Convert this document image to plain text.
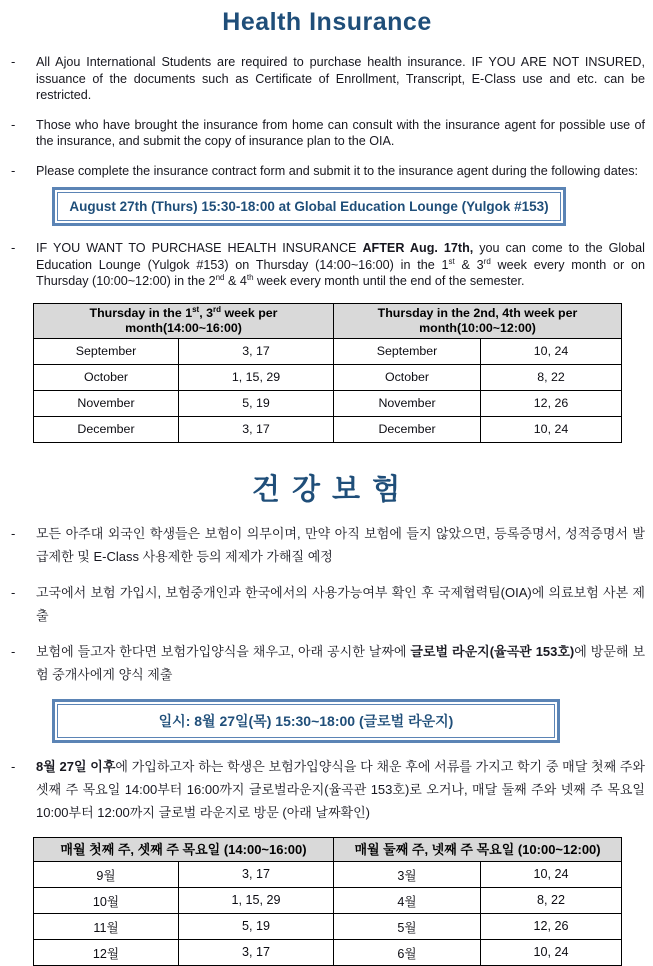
Health Insurance
-	All Ajou International Students are required to purchase health insurance. IF YOU ARE NOT INSURED, issuance of the documents such as Certificate of Enrollment, Transcript, E-Class use and etc. can be restricted.

-	Those who have brought the insurance from home can consult with the insurance agent for possible use of the insurance, and submit the copy of insurance plan to the OIA.

-	Please complete the insurance contract form and submit it to the insurance agent during the following dates:

August 27th (Thurs) 15:30-18:00 at Global Education Lounge (Yulgok #153)
-	IF YOU WANT TO PURCHASE HEALTH INSURANCE AFTER Aug. 17th, you can come to the Global Education Lounge (Yulgok #153) on Thursday (14:00~16:00) in the 1st & 3rd week every month or on Thursday (10:00~12:00) in the 2nd & 4th week every month until the end of the semester.

Thursday in the 1st, 3rd week per month(14:00~16:00)		Thursday in the 2nd, 4th week per month(10:00~12:00)	
September	3, 17	September	10, 24
October	1, 15, 29	October	8, 22
November	5, 19	November	12, 26
December	3, 17	December	10, 24
건 강 보 험
-	모든 아주대 외국인 학생들은 보험이 의무이며, 만약 아직 보험에 들지 않았으면, 등록증명서, 성적증명서 발급제한 및 E-Class 사용제한 등의 제제가 가해질 예정

-	고국에서 보험 가입시, 보험중개인과 한국에서의 사용가능여부 확인 후 국제협력팀(OIA)에 의료보험 사본 제출

-	보험에 들고자 한다면 보험가입양식을 채우고, 아래 공시한 날짜에 글로벌 라운지(율곡관 153호)에 방문해 보험 중개사에게 양식 제출

일시: 8월 27일(목) 15:30~18:00 (글로벌 라운지)
-	8월 27일 이후에 가입하고자 하는 학생은 보험가입양식을 다 채운 후에 서류를 가지고 학기 중 매달 첫째 주와 셋째 주 목요일 14:00부터 16:00까지 글로벌라운지(율곡관 153호)로 오거나, 매달 둘째 주와 넷째 주 목요일 10:00부터 12:00까지 글로벌 라운지로 방문 (아래 날짜확인)

매월 첫째 주, 셋째 주 목요일 (14:00~16:00)		매월 둘째 주, 넷째 주 목요일 (10:00~12:00)	
9월	3, 17	3월	10, 24
10월	1, 15, 29	4월	8, 22
11월	5, 19	5월	12, 26
12월	3, 17	6월	10, 24
